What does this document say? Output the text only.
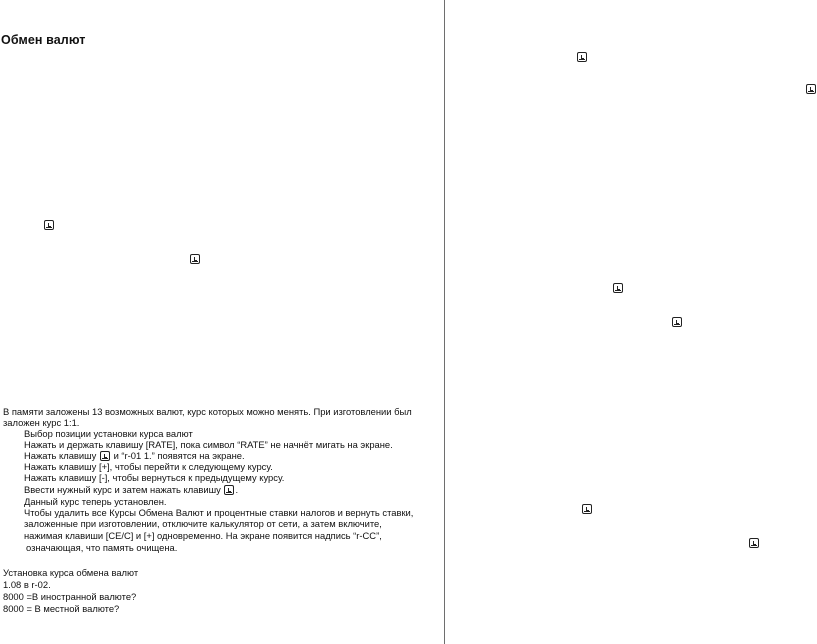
Обмен валют
В памяти заложены 13 возможных валют, курс которых можно менять. При изготовлении был
заложен курс 1:1.
Выбор позиции установки курса валют
Нажать и держать клавишу [RATE], пока символ “RATE” не начнёт мигать на экране.
Нажать клавишу и “r-01 1.” появятся на экране.
Нажать клавишу [+], чтобы перейти к следующему курсу.
Нажать клавишу [-], чтобы вернуться к предыдущему курсу.
Ввести нужный курс и затем нажать клавишу .
Данный курс теперь установлен.
Чтобы удалить все Курсы Обмена Валют и процентные ставки налогов и вернуть ставки,
заложенные при изготовлении, отключите калькулятор от сети, а затем включите,
нажимая клавиши [CE/C] и [+] одновременно. На экране появится надпись “r-CC”,
означающая, что память очищена.
Установка курса обмена валют
1.08 в r-02.
8000 =В иностранной валюте?
8000 = В местной валюте?
